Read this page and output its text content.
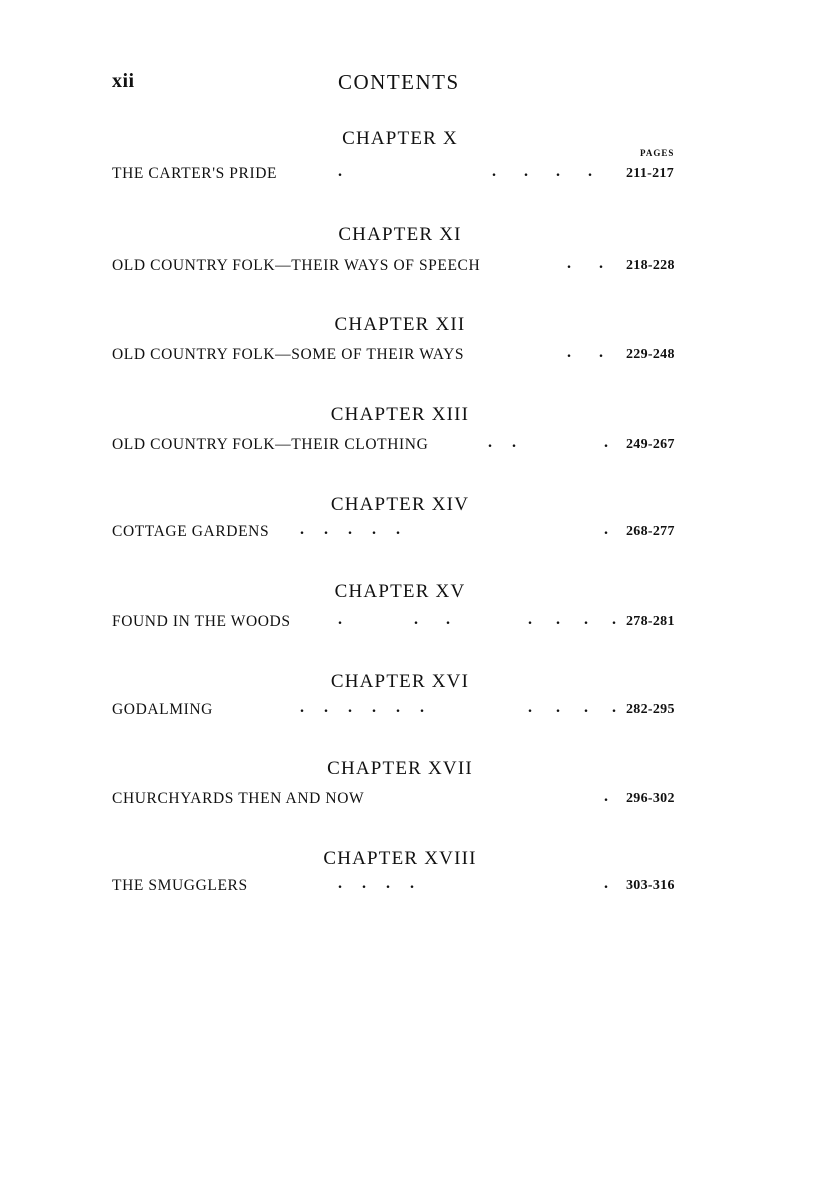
xii	CONTENTS
PAGES
CHAPTER X
THE CARTER'S PRIDE	.	.       .       .       . 211-217
CHAPTER XI
OLD COUNTRY FOLK—THEIR WAYS OF SPEECH	.       . 218-228
CHAPTER XII
OLD COUNTRY FOLK—SOME OF THEIR WAYS	.       . 229-248
CHAPTER XIII
OLD COUNTRY FOLK—THEIR CLOTHING	.     .	. 249-267
CHAPTER XIV
COTTAGE GARDENS .     .     .     .     .	. 268-277
CHAPTER XV
FOUND IN THE WOODS	.	.       .	.      .      .      . 278-281
CHAPTER XVI
GODALMING	.     .     .     .     .     .	.      .      .      . 282-295
CHAPTER XVII
CHURCHYARDS THEN AND NOW	. 296-302
CHAPTER XVIII
THE SMUGGLERS	.     .     .     .	. 303-316
